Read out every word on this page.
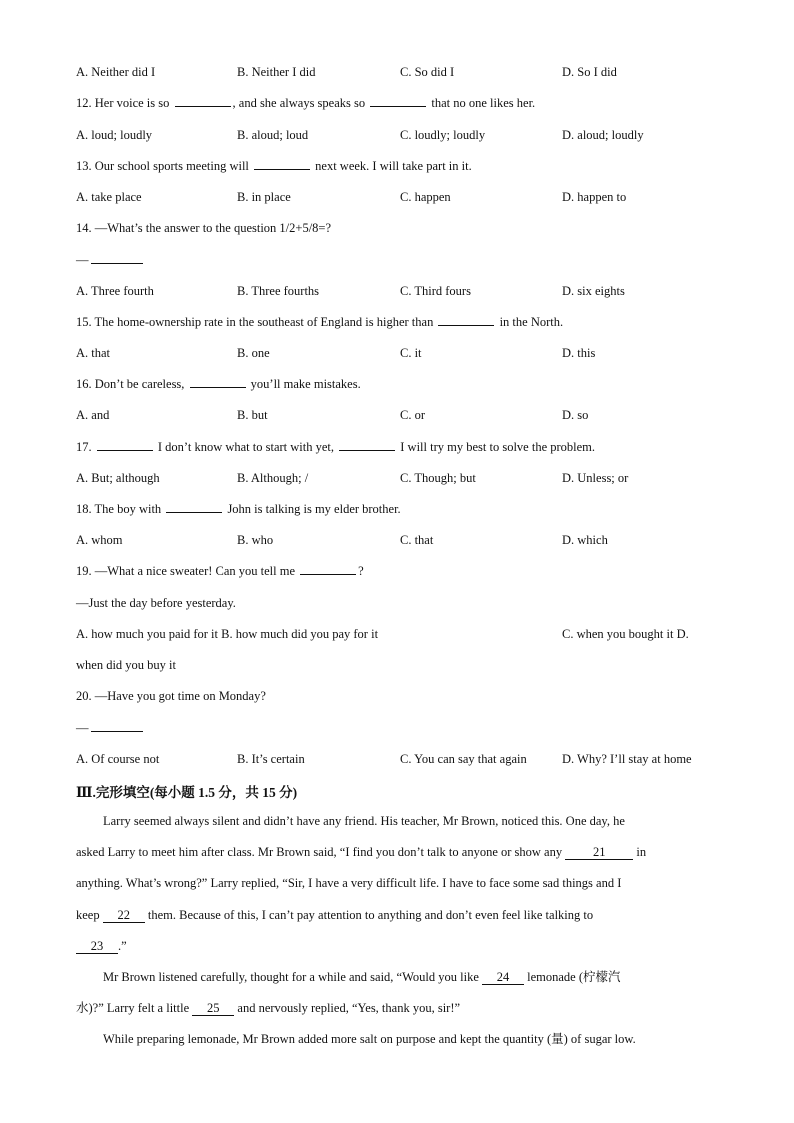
A. Neither did I	B. Neither I did	C. So did I	D. So I did
12. Her voice is so	, and she always speaks so	that no one likes her.
A. loud; loudly	B. aloud; loud	C. loudly; loudly	D. aloud; loudly
13. Our school sports meeting will	next week. I will take part in it.
A. take place	B. in place	C. happen	D. happen to
14. —What’s the answer to the question 1/2+5/8=?
—
A. Three fourth	B. Three fourths	C. Third fours	D. six eights
15. The home-ownership rate in the southeast of England is higher than	in the North.
A. that	B. one	C. it	D. this
16. Don’t be careless,	you’ll make mistakes.
A. and	B. but	C. or	D. so
17.	I don’t know what to start with yet,	I will try my best to solve the problem.
A. But; although	B. Although; /	C. Though; but	D. Unless; or
18. The boy with	John is talking is my elder brother.
A. whom	B. who	C. that	D. which
19. —What a nice sweater! Can you tell me	?
—Just the day before yesterday.
A. how much you paid for it B. how much did you pay for it	C. when you bought it D.
when did you buy it
20. —Have you got time on Monday?
—
A. Of course not	B. It’s certain	C. You can say that again	D. Why? I’ll stay at home
Ⅲ.完形填空(每小题 1.5 分，共 15 分)
Larry seemed always silent and didn’t have any friend. His teacher, Mr Brown, noticed this. One day, he
asked Larry to meet him after class. Mr Brown said, “I find you don’t talk to anyone or show any 21 in
anything. What’s wrong?” Larry replied, “Sir, I have a very difficult life. I have to face some sad things and I
keep 22 them. Because of this, I can’t pay attention to anything and don’t even feel like talking to
23 .”
Mr Brown listened carefully, thought for a while and said, “Would you like 24 lemonade (柠檬汽
水)?” Larry felt a little 25 and nervously replied, “Yes, thank you, sir!”
While preparing lemonade, Mr Brown added more salt on purpose and kept the quantity (量) of sugar low.
